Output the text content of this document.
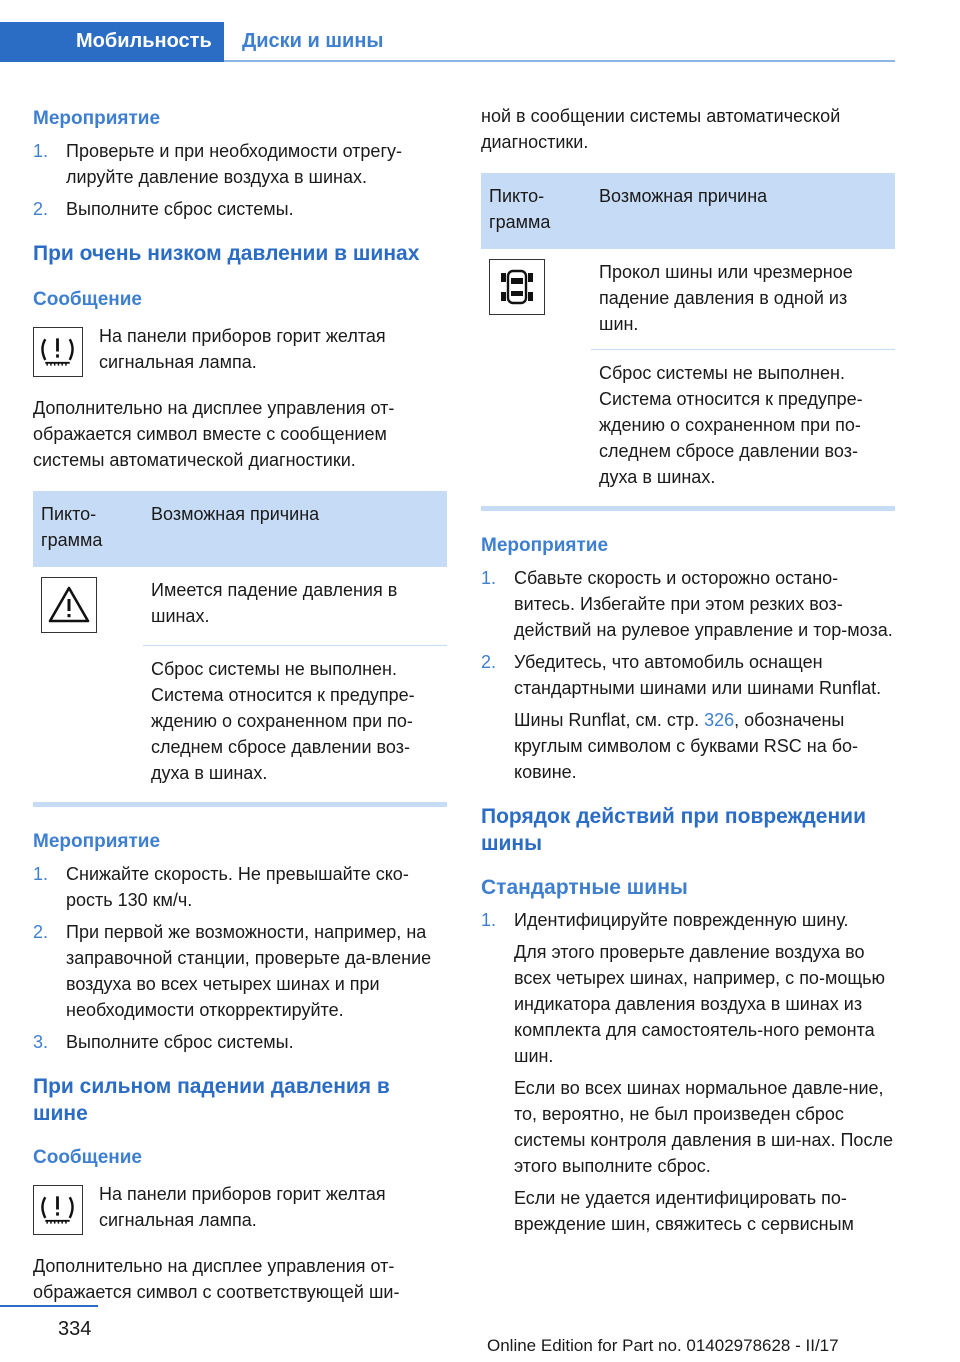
Мобильность	Диски и шины
Мероприятие
1. Проверьте и при необходимости отрегу‐лируйте давление воздуха в шинах.
2. Выполните сброс системы.
При очень низком давлении в шинах
Сообщение
На панели приборов горит желтая сигнальная лампа.

Дополнительно на дисплее управления от‐ображается символ вместе с сообщением системы автоматической диагностики.

Пикто‐грамма	Возможная причина

	Имеется падение давления в шинах.
	Сброс системы не выполнен. Система относится к предупре‐ждению о сохраненном при по‐следнем сбросе давлении воз‐духа в шинах.
Мероприятие
1. Снижайте скорость. Не превышайте ско‐рость 130 км/ч.
2. При первой же возможности, например, на заправочной станции, проверьте да‐вление воздуха во всех четырех шинах и при необходимости откорректируйте.
3. Выполните сброс системы.
При сильном падении давления в шине
Сообщение
На панели приборов горит желтая сигнальная лампа.

Дополнительно на дисплее управления от‐ображается символ с соответствующей ши‐

ной в сообщении системы автоматической диагностики.

Пикто‐грамма	Возможная причина

	Прокол шины или чрезмерное падение давления в одной из шин.
	Сброс системы не выполнен. Система относится к предупре‐ждению о сохраненном при по‐следнем сбросе давлении воз‐духа в шинах.
Мероприятие
1. Сбавьте скорость и осторожно остано‐витесь. Избегайте при этом резких воз‐действий на рулевое управление и тор‐моза.
2. Убедитесь, что автомобиль оснащен стандартными шинами или шинами Runflat.
Шины Runflat, см. стр. 326, обозначены круглым символом с буквами RSC на бо‐ковине.
Порядок действий при повреждении шины
Стандартные шины
1. Идентифицируйте поврежденную шину.
Для этого проверьте давление воздуха во всех четырех шинах, например, с по‐мощью индикатора давления воздуха в шинах из комплекта для самостоятель‐ного ремонта шин.
Если во всех шинах нормальное давле‐ние, то, вероятно, не был произведен сброс системы контроля давления в ши‐нах. После этого выполните сброс.
Если не удается идентифицировать по‐вреждение шин, свяжитесь с сервисным
334
Online Edition for Part no. 01402978628 - II/17
